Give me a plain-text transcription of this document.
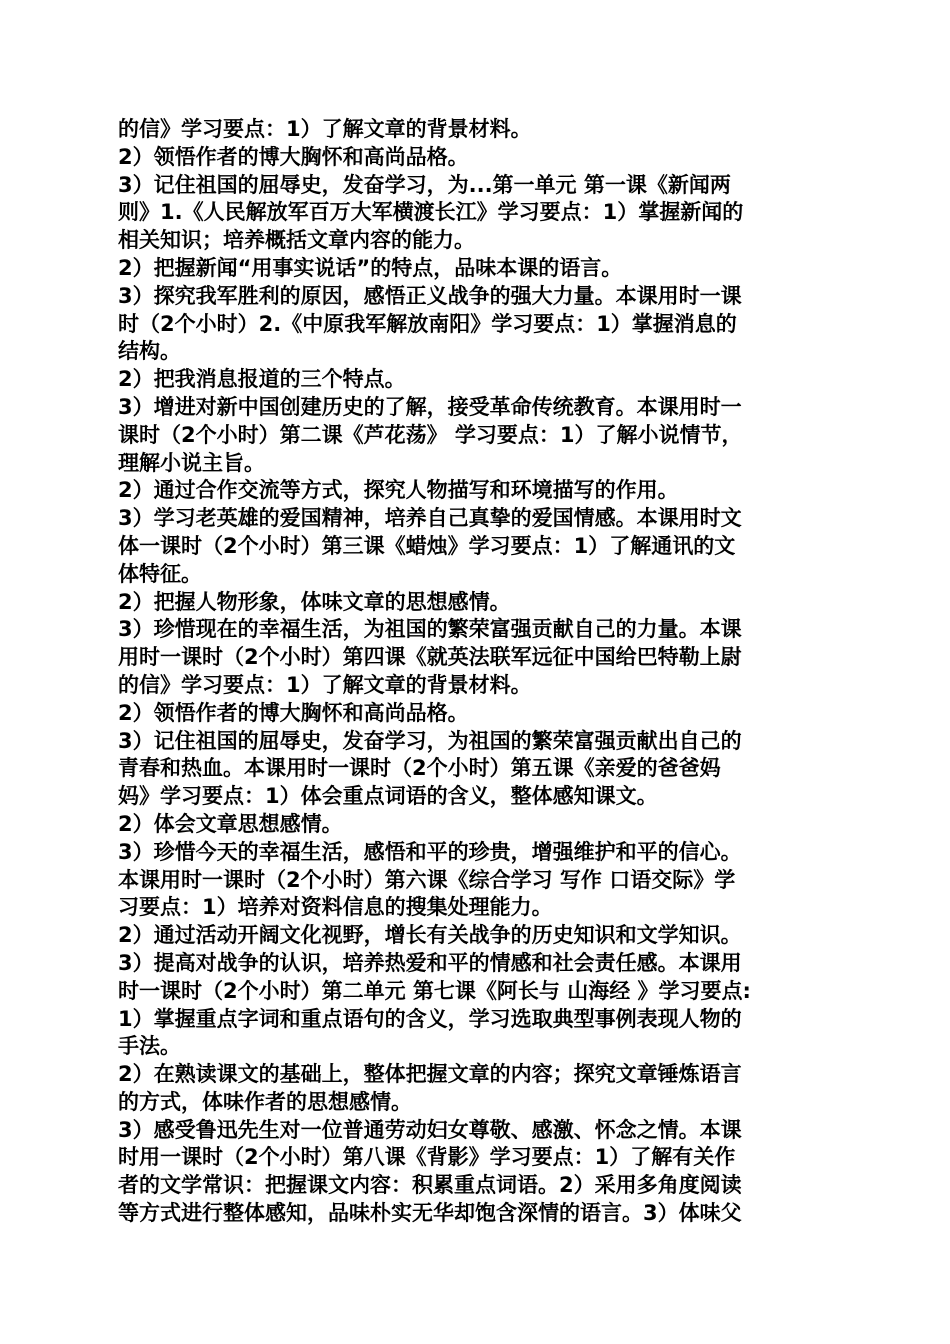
的信》学习要点：1）了解文章的背景材料。
2）领悟作者的博大胸怀和高尚品格。
3）记住祖国的屈辱史，发奋学习，为...第一单元 第一课《新闻两
则》1.《人民解放军百万大军横渡长江》学习要点：1）掌握新闻的
相关知识；培养概括文章内容的能力。
2）把握新闻“用事实说话”的特点，品味本课的语言。
3）探究我军胜利的原因，感悟正义战争的强大力量。本课用时一课
时（2个小时）2.《中原我军解放南阳》学习要点：1）掌握消息的
结构。
2）把我消息报道的三个特点。
3）增进对新中国创建历史的了解，接受革命传统教育。本课用时一
课时（2个小时）第二课《芦花荡》 学习要点：1）了解小说情节，
理解小说主旨。
2）通过合作交流等方式，探究人物描写和环境描写的作用。
3）学习老英雄的爱国精神，培养自己真挚的爱国情感。本课用时文
体一课时（2个小时）第三课《蜡烛》学习要点：1）了解通讯的文
体特征。
2）把握人物形象，体味文章的思想感情。
3）珍惜现在的幸福生活，为祖国的繁荣富强贡献自己的力量。本课
用时一课时（2个小时）第四课《就英法联军远征中国给巴特勒上尉
的信》学习要点：1）了解文章的背景材料。
2）领悟作者的博大胸怀和高尚品格。
3）记住祖国的屈辱史，发奋学习，为祖国的繁荣富强贡献出自己的
青春和热血。本课用时一课时（2个小时）第五课《亲爱的爸爸妈
妈》学习要点：1）体会重点词语的含义，整体感知课文。
2）体会文章思想感情。
3）珍惜今天的幸福生活，感悟和平的珍贵，增强维护和平的信心。
本课用时一课时（2个小时）第六课《综合学习 写作 口语交际》学
习要点：1）培养对资料信息的搜集处理能力。
2）通过活动开阔文化视野，增长有关战争的历史知识和文学知识。
3）提高对战争的认识，培养热爱和平的情感和社会责任感。本课用
时一课时（2个小时）第二单元 第七课《阿长与 山海经 》学习要点:
1）掌握重点字词和重点语句的含义，学习选取典型事例表现人物的
手法。
2）在熟读课文的基础上，整体把握文章的内容；探究文章锤炼语言
的方式，体味作者的思想感情。
3）感受鲁迅先生对一位普通劳动妇女尊敬、感激、怀念之情。本课
时用一课时（2个小时）第八课《背影》学习要点：1）了解有关作
者的文学常识：把握课文内容：积累重点词语。2）采用多角度阅读
等方式进行整体感知，品味朴实无华却饱含深情的语言。3）体味父
